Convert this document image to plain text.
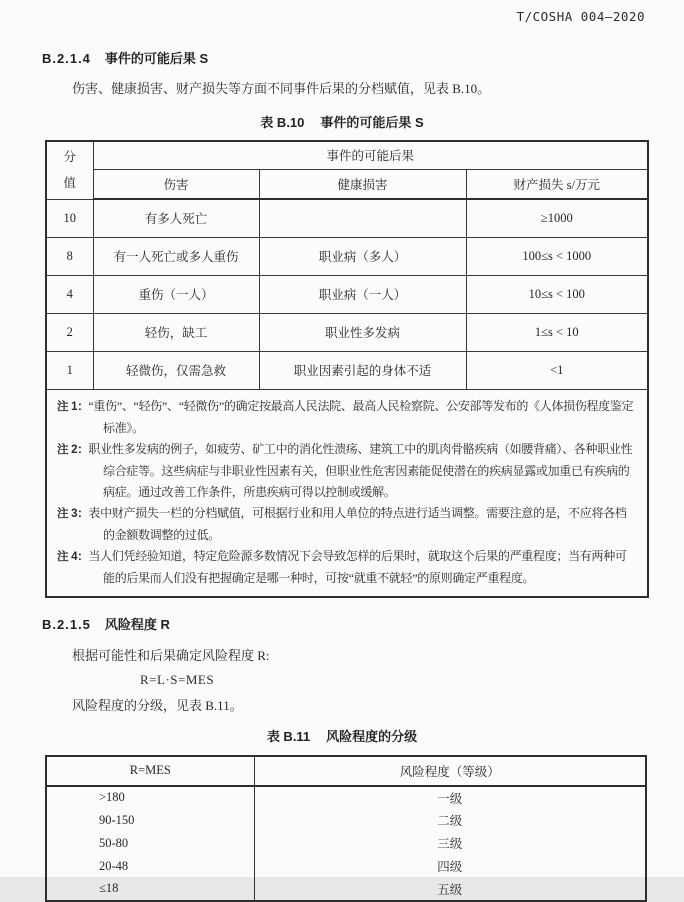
T/COSHA 004—2020
B.2.1.4 事件的可能后果 S
伤害、健康损害、财产损失等方面不同事件后果的分档赋值，见表 B.10。
表 B.10 事件的可能后果 S
分
值	事件的可能后果		
	伤害	健康损害	财产损失 s/万元
10	有多人死亡		≥1000
8	有一人死亡或多人重伤	职业病（多人）	100≤s < 1000
4	重伤（一人）	职业病（一人）	10≤s < 100
2	轻伤，缺工	职业性多发病	1≤s < 10
1	轻微伤，仅需急救	职业因素引起的身体不适	<1

注 1：“重伤”、“轻伤”、“轻微伤”的确定按最高人民法院、最高人民检察院、公安部等发布的《人体损伤程度鉴定标准》。
注 2：职业性多发病的例子，如疲劳、矿工中的消化性溃疡、建筑工中的肌肉骨骼疾病（如腰背痛）、各种职业性综合症等。这些病症与非职业性因素有关，但职业性危害因素能促使潜在的疾病显露或加重已有疾病的病症。通过改善工作条件，所患疾病可得以控制或缓解。
注 3：表中财产损失一栏的分档赋值，可根据行业和用人单位的特点进行适当调整。需要注意的是，不应将各档的金额数调整的过低。
注 4：当人们凭经验知道，特定危险源多数情况下会导致怎样的后果时，就取这个后果的严重程度；当有两种可能的后果而人们没有把握确定是哪一种时，可按“就重不就轻”的原则确定严重程度。			
B.2.1.5 风险程度 R
根据可能性和后果确定风险程度 R:
R=L·S=MES
风险程度的分级，见表 B.11。
表 B.11 风险程度的分级
R=MES	风险程度（等级）
>180	一级
90-150	二级
50-80	三级
20-48	四级
≤18	五级
